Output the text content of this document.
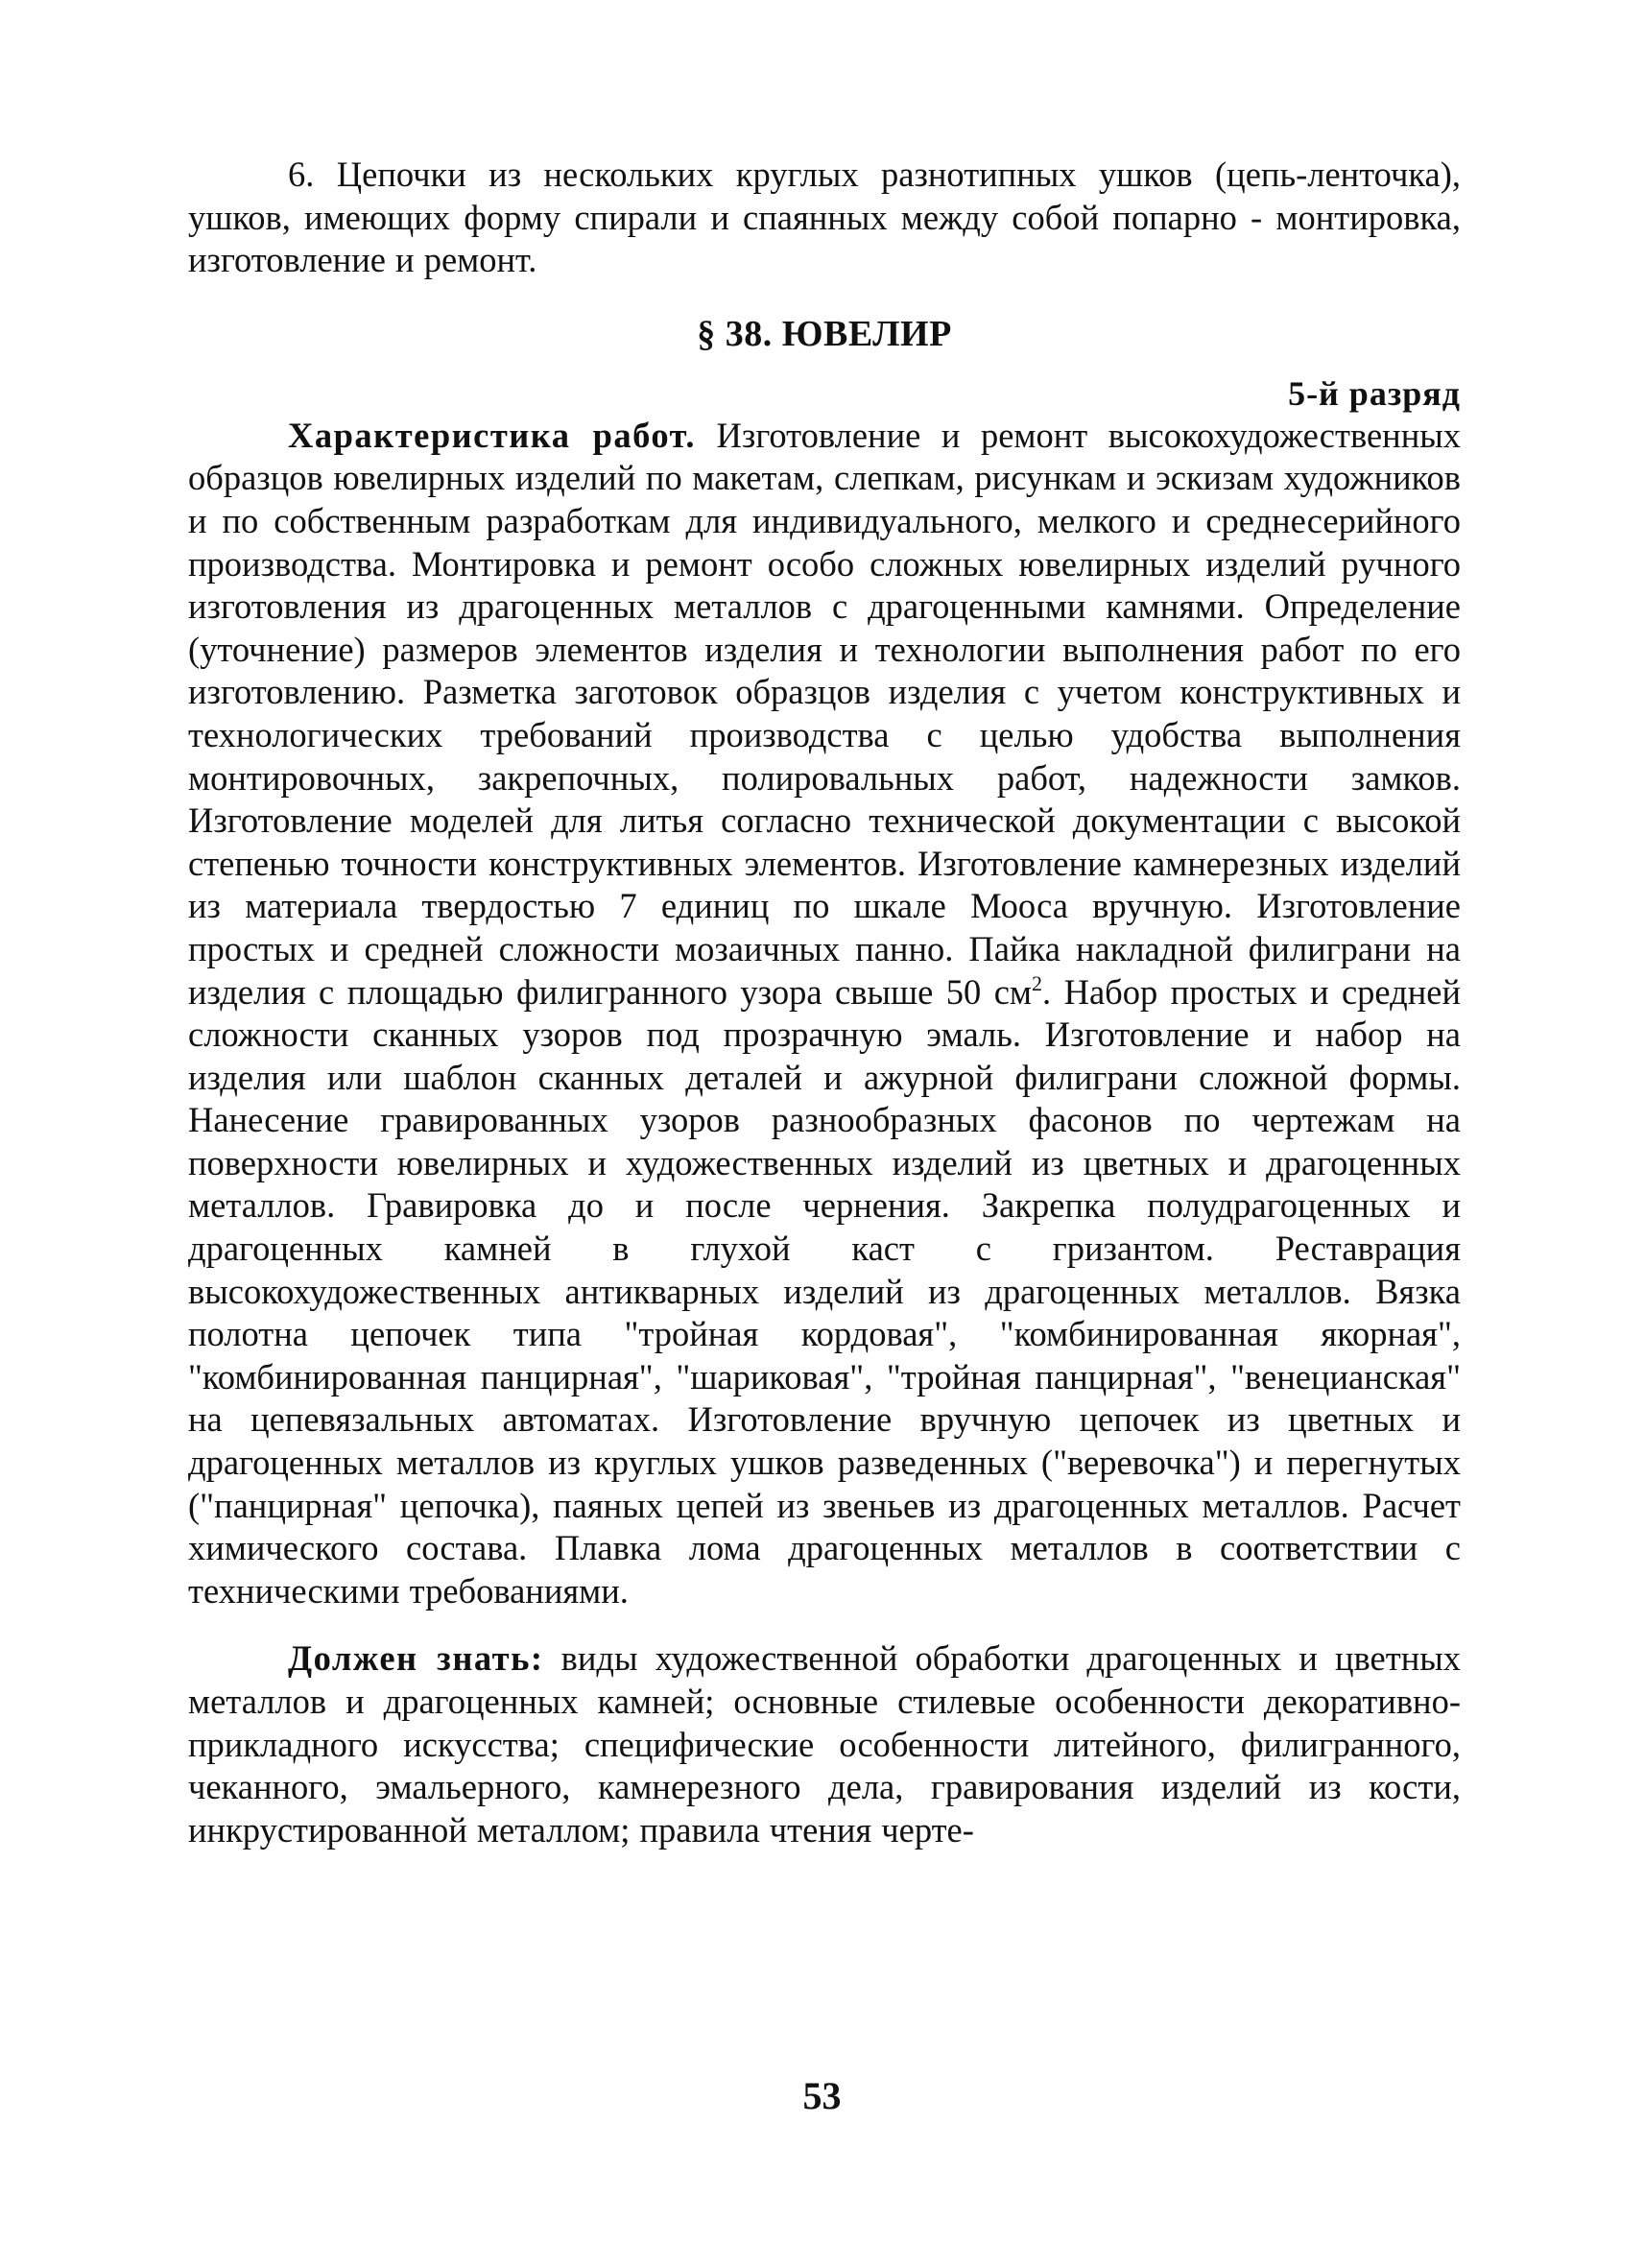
6. Цепочки из нескольких круглых разнотипных ушков (цепь-ленточка), ушков, имеющих форму спирали и спаянных между собой попарно - монтировка, изготовление и ремонт.

§ 38. ЮВЕЛИР
5-й разряд

Характеристика работ. Изготовление и ремонт высокохудожественных образцов ювелирных изделий по макетам, слепкам, рисункам и эскизам художников и по собственным разработкам для индивидуального, мелкого и среднесерийного производства. Монтировка и ремонт особо сложных ювелирных изделий ручного изготовления из драгоценных металлов с драгоценными камнями. Определение (уточнение) размеров элементов изделия и технологии выполнения работ по его изготовлению. Разметка заготовок образцов изделия с учетом конструктивных и технологических требований производства с целью удобства выполнения монтировочных, закрепочных, полировальных работ, надежности замков. Изготовление моделей для литья согласно технической документации с высокой степенью точности конструктивных элементов. Изготовление камнерезных изделий из материала твердостью 7 единиц по шкале Мооса вручную. Изготовление простых и средней сложности мозаичных панно. Пайка накладной филиграни на изделия с площадью филигранного узора свыше 50 $см^2$. Набор простых и средней сложности сканных узоров под прозрачную эмаль. Изготовление и набор на изделия или шаблон сканных деталей и ажурной филиграни сложной формы. Нанесение гравированных узоров разнообразных фасонов по чертежам на поверхности ювелирных и художественных изделий из цветных и драгоценных металлов. Гравировка до и после чернения. Закрепка полудрагоценных и драгоценных камней в глухой каст с гризантом. Реставрация высокохудожественных антикварных изделий из драгоценных металлов. Вязка полотна цепочек типа "тройная кордовая", "комбинированная якорная", "комбинированная панцирная", "шариковая", "тройная панцирная", "венецианская" на цепевязальных автоматах. Изготовление вручную цепочек из цветных и драгоценных металлов из круглых ушков разведенных ("веревочка") и перегнутых ("панцирная" цепочка), паяных цепей из звеньев из драгоценных металлов. Расчет химического состава. Плавка лома драгоценных металлов в соответствии с техническими требованиями.

Должен знать: виды художественной обработки драгоценных и цветных металлов и драгоценных камней; основные стилевые особенности декоративно-прикладного искусства; специфические особенности литейного, филигранного, чеканного, эмальерного, камнерезного дела, гравирования изделий из кости, инкрустированной металлом; правила чтения черте-

53
